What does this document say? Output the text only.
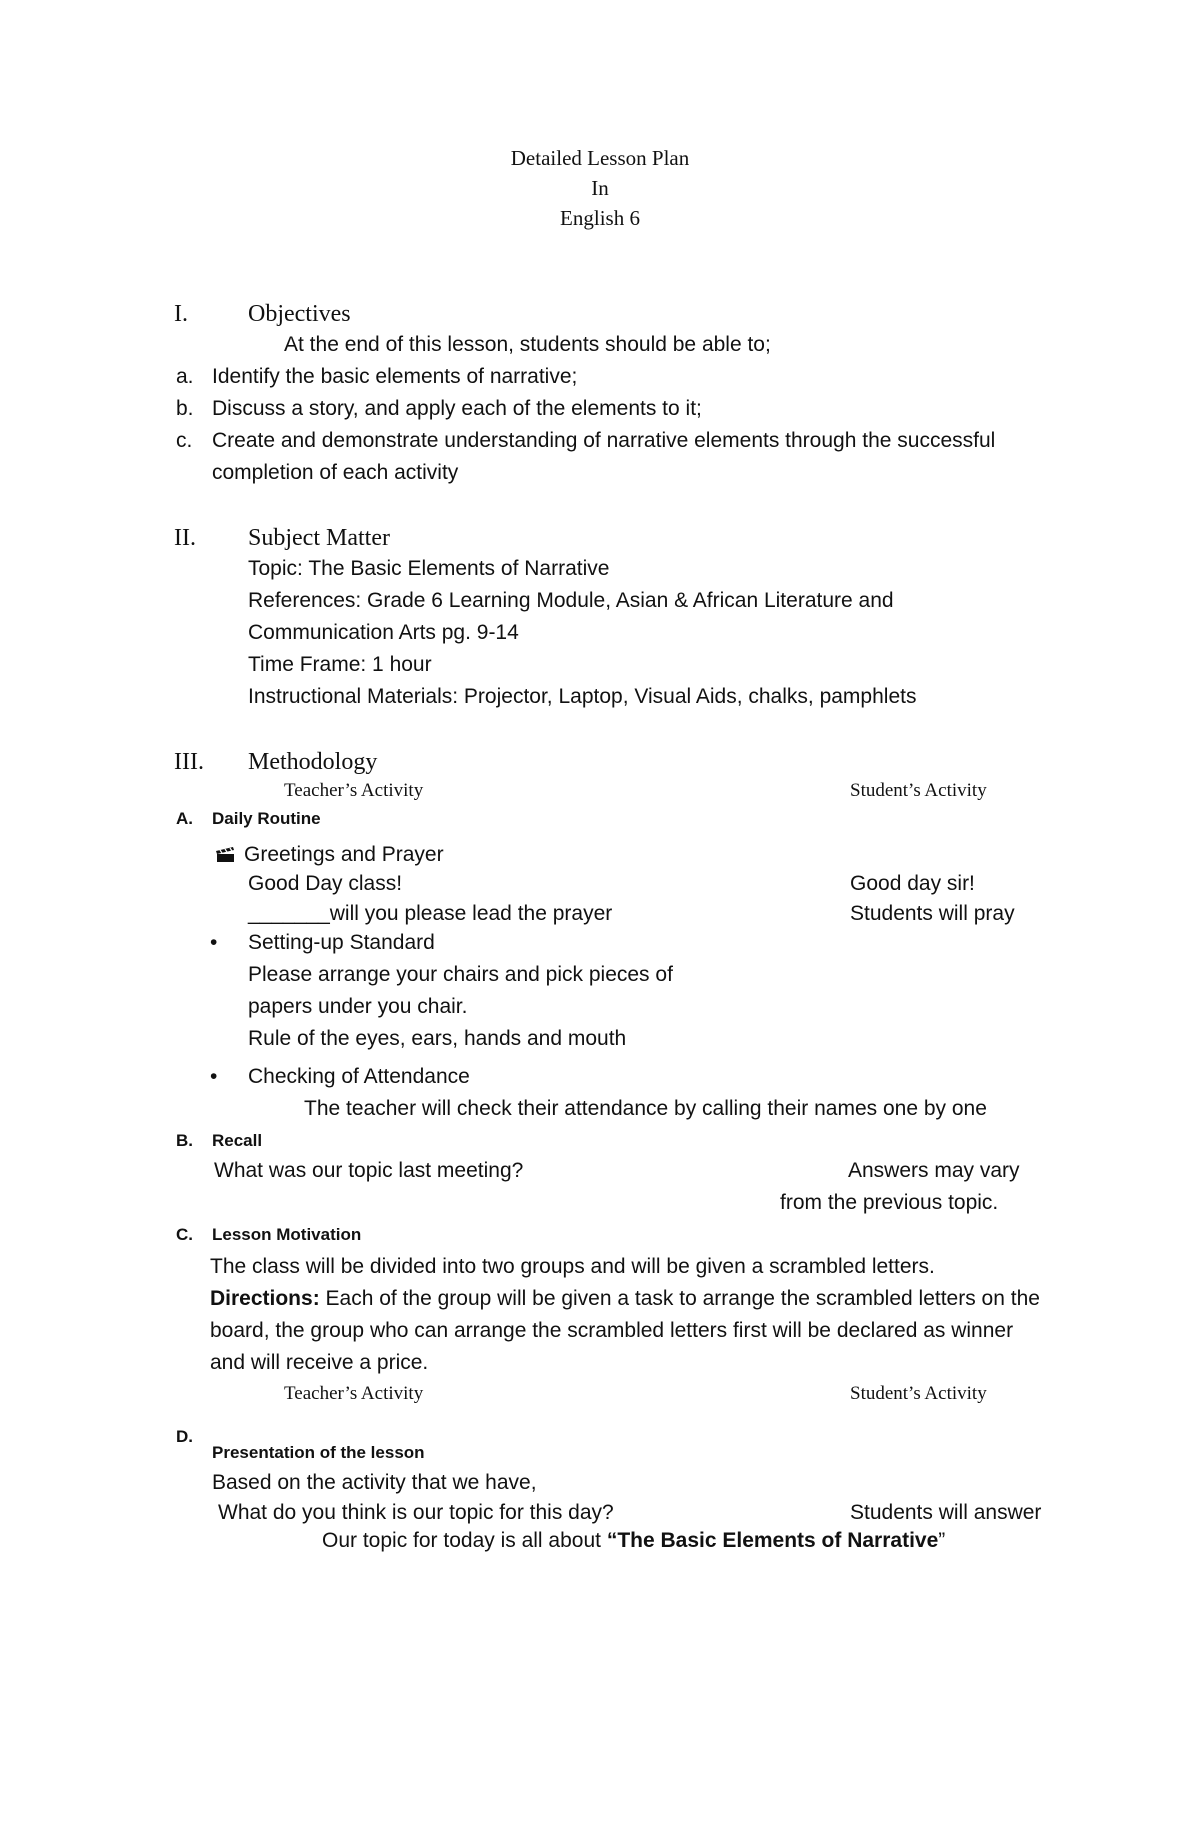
Detailed Lesson Plan
In
English 6
I.	Objectives
At the end of this lesson, students should be able to;
a. Identify the basic elements of narrative;
b. Discuss a story, and apply each of the elements to it;
c. Create and demonstrate understanding of narrative elements through the successful
completion of each activity
II. Subject Matter
Topic: The Basic Elements of Narrative
References: Grade 6 Learning Module, Asian & African Literature and
Communication Arts pg. 9-14
Time Frame: 1 hour
Instructional Materials: Projector, Laptop, Visual Aids, chalks, pamphlets
III. Methodology
Teacher’s Activity	Student’s Activity
A. Daily Routine
Greetings and Prayer
Good Day class!	Good day sir!
_______will you please lead the prayer	Students will pray
• Setting-up Standard
Please arrange your chairs and pick pieces of
papers under you chair.
Rule of the eyes, ears, hands and mouth
• Checking of Attendance
The teacher will check their attendance by calling their names one by one
B. Recall
What was our topic last meeting?	Answers may vary
from the previous topic.
C. Lesson Motivation
The class will be divided into two groups and will be given a scrambled letters.
Directions: Each of the group will be given a task to arrange the scrambled letters on the
board, the group who can arrange the scrambled letters first will be declared as winner
and will receive a price.
Teacher’s Activity	Student’s Activity
D.
Presentation of the lesson
Based on the activity that we have,
What do you think is our topic for this day?	Students will answer
Our topic for today is all about “The Basic Elements of Narrative”
